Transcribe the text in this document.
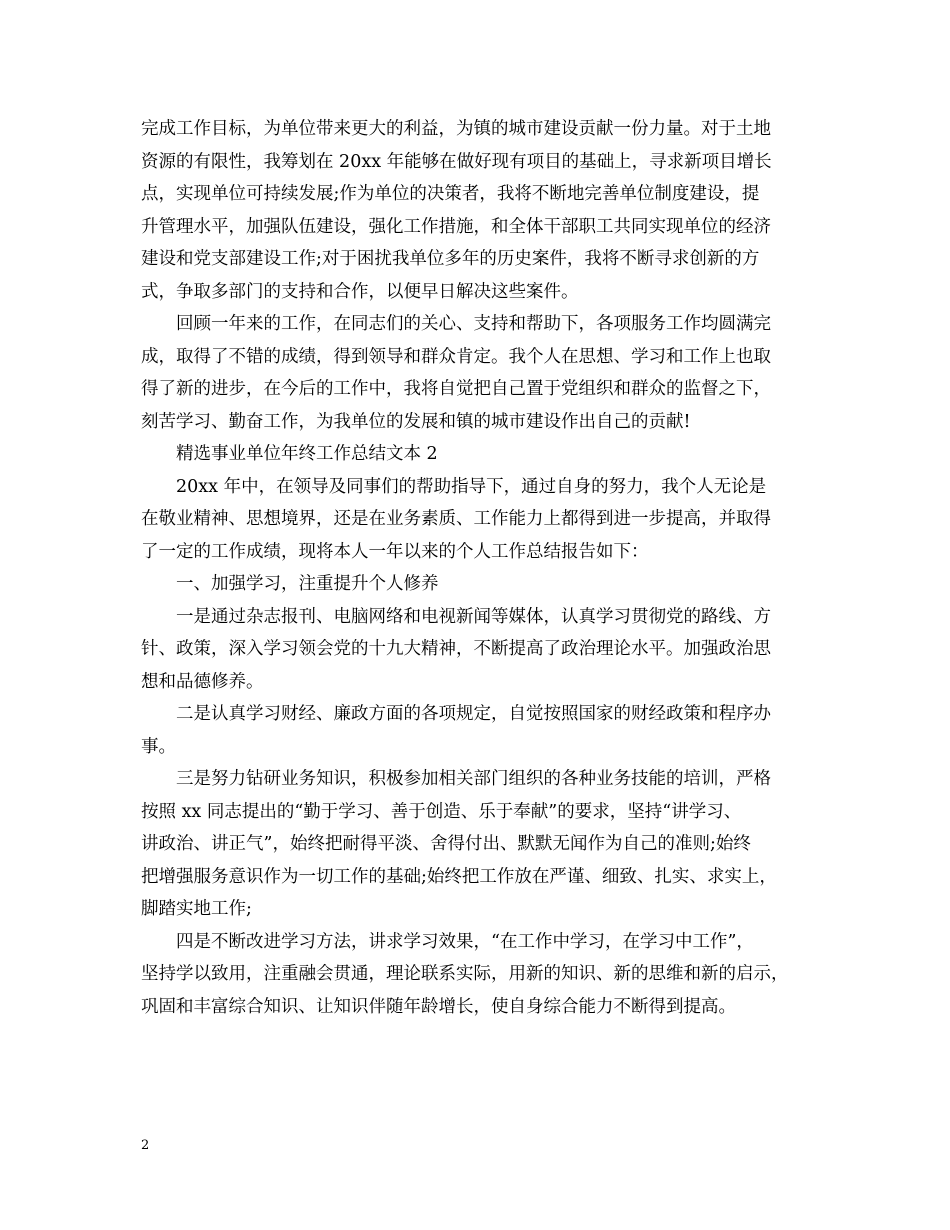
完成工作目标，为单位带来更大的利益，为镇的城市建设贡献一份力量。对于土地
资源的有限性，我筹划在 20xx 年能够在做好现有项目的基础上，寻求新项目增长
点，实现单位可持续发展;作为单位的决策者，我将不断地完善单位制度建设，提
升管理水平，加强队伍建设，强化工作措施，和全体干部职工共同实现单位的经济
建设和党支部建设工作;对于困扰我单位多年的历史案件，我将不断寻求创新的方
式，争取多部门的支持和合作，以便早日解决这些案件。
回顾一年来的工作，在同志们的关心、支持和帮助下，各项服务工作均圆满完
成，取得了不错的成绩，得到领导和群众肯定。我个人在思想、学习和工作上也取
得了新的进步，在今后的工作中，我将自觉把自己置于党组织和群众的监督之下，
刻苦学习、勤奋工作，为我单位的发展和镇的城市建设作出自己的贡献!
精选事业单位年终工作总结文本 2
20xx 年中，在领导及同事们的帮助指导下，通过自身的努力，我个人无论是
在敬业精神、思想境界，还是在业务素质、工作能力上都得到进一步提高，并取得
了一定的工作成绩，现将本人一年以来的个人工作总结报告如下：
一、加强学习，注重提升个人修养
一是通过杂志报刊、电脑网络和电视新闻等媒体，认真学习贯彻党的路线、方
针、政策，深入学习领会党的十九大精神，不断提高了政治理论水平。加强政治思
想和品德修养。
二是认真学习财经、廉政方面的各项规定，自觉按照国家的财经政策和程序办
事。
三是努力钻研业务知识，积极参加相关部门组织的各种业务技能的培训，严格
按照 xx 同志提出的“勤于学习、善于创造、乐于奉献”的要求，坚持“讲学习、
讲政治、讲正气”，始终把耐得平淡、舍得付出、默默无闻作为自己的准则;始终
把增强服务意识作为一切工作的基础;始终把工作放在严谨、细致、扎实、求实上，
脚踏实地工作;
四是不断改进学习方法，讲求学习效果，“在工作中学习，在学习中工作”，
坚持学以致用，注重融会贯通，理论联系实际，用新的知识、新的思维和新的启示，
巩固和丰富综合知识、让知识伴随年龄增长，使自身综合能力不断得到提高。
2
